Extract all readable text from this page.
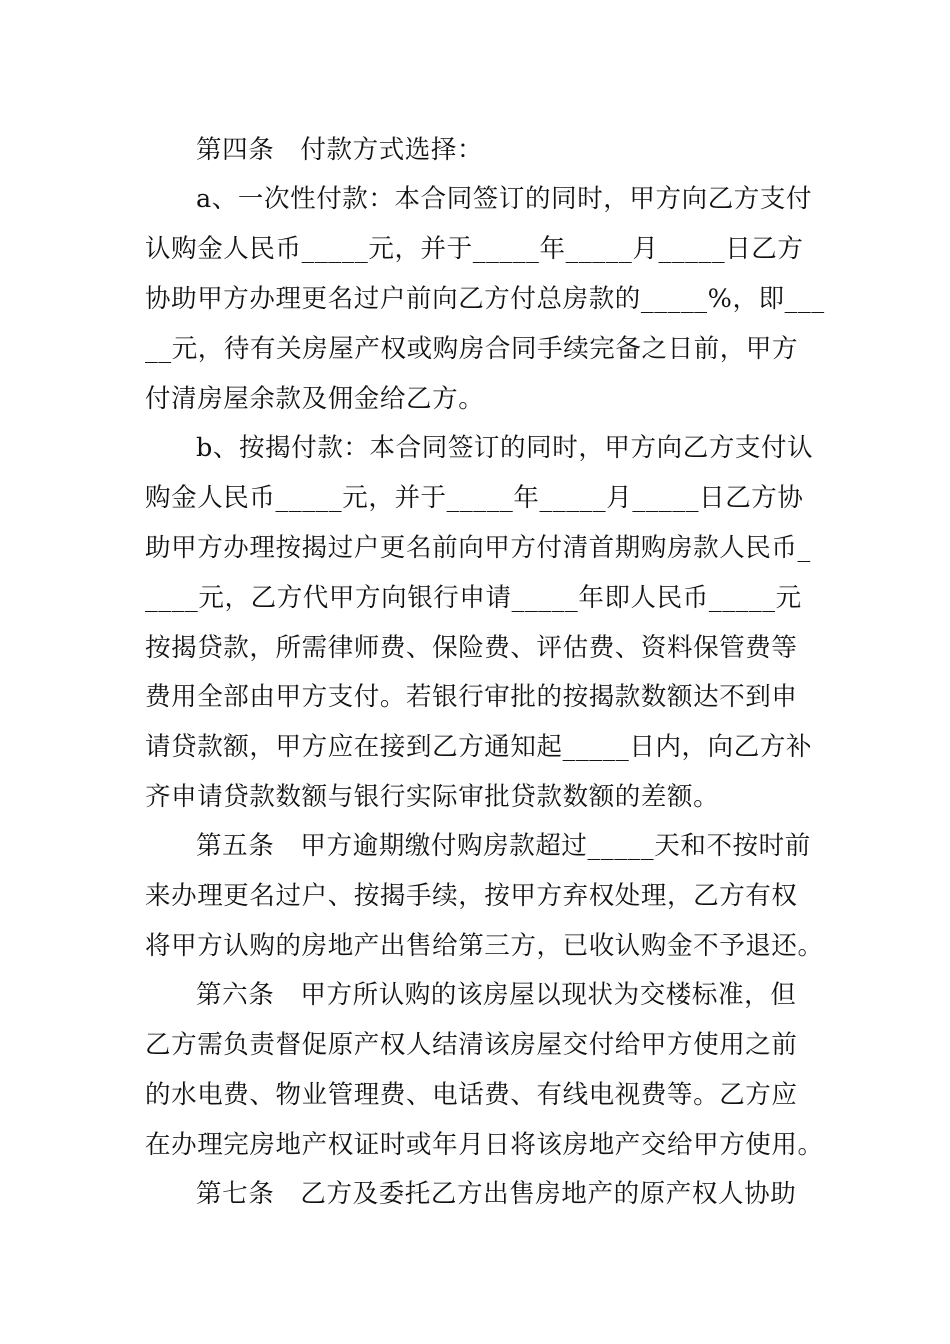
第四条　付款方式选择：
a、一次性付款：本合同签订的同时，甲方向乙方支付
认购金人民币_____元，并于_____年_____月_____日乙方
协助甲方办理更名过户前向乙方付总房款的_____%，即___
__元，待有关房屋产权或购房合同手续完备之日前，甲方
付清房屋余款及佣金给乙方。
b、按揭付款：本合同签订的同时，甲方向乙方支付认
购金人民币_____元，并于_____年_____月_____日乙方协
助甲方办理按揭过户更名前向甲方付清首期购房款人民币_
____元，乙方代甲方向银行申请_____年即人民币_____元
按揭贷款，所需律师费、保险费、评估费、资料保管费等
费用全部由甲方支付。若银行审批的按揭款数额达不到申
请贷款额，甲方应在接到乙方通知起_____日内，向乙方补
齐申请贷款数额与银行实际审批贷款数额的差额。
第五条　甲方逾期缴付购房款超过_____天和不按时前
来办理更名过户、按揭手续，按甲方弃权处理，乙方有权
将甲方认购的房地产出售给第三方，已收认购金不予退还。
第六条　甲方所认购的该房屋以现状为交楼标准，但
乙方需负责督促原产权人结清该房屋交付给甲方使用之前
的水电费、物业管理费、电话费、有线电视费等。乙方应
在办理完房地产权证时或年月日将该房地产交给甲方使用。
第七条　乙方及委托乙方出售房地产的原产权人协助
